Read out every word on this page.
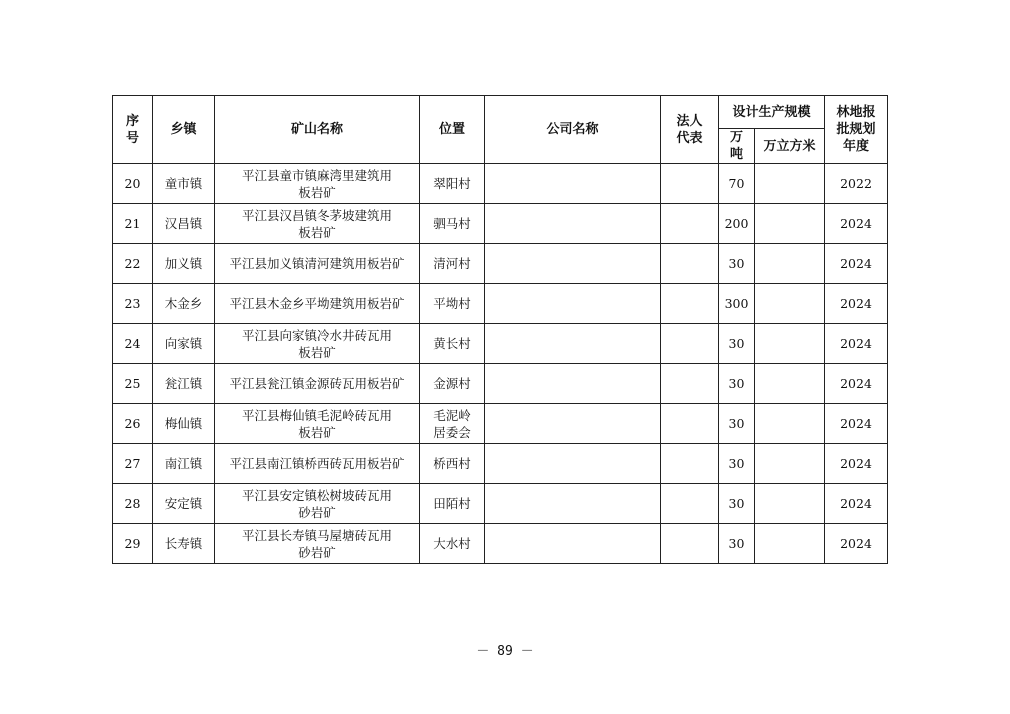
序号	乡镇	矿山名称	位置	公司名称	法人代表	设计生产规模		林地报批规划年度
						万吨	万立方米	
20	童市镇	平江县童市镇麻湾里建筑用板岩矿	翠阳村			70		2022
21	汉昌镇	平江县汉昌镇冬茅坡建筑用板岩矿	驷马村			200		2024
22	加义镇	平江县加义镇清河建筑用板岩矿	清河村			30		2024
23	木金乡	平江县木金乡平坳建筑用板岩矿	平坳村			300		2024
24	向家镇	平江县向家镇冷水井砖瓦用板岩矿	黄长村			30		2024
25	瓮江镇	平江县瓮江镇金源砖瓦用板岩矿	金源村			30		2024
26	梅仙镇	平江县梅仙镇毛泥岭砖瓦用板岩矿	毛泥岭居委会			30		2024
27	南江镇	平江县南江镇桥西砖瓦用板岩矿	桥西村			30		2024
28	安定镇	平江县安定镇松树坡砖瓦用砂岩矿	田陌村			30		2024
29	长寿镇	平江县长寿镇马屋塘砖瓦用砂岩矿	大水村			30		2024
－ 89 －
